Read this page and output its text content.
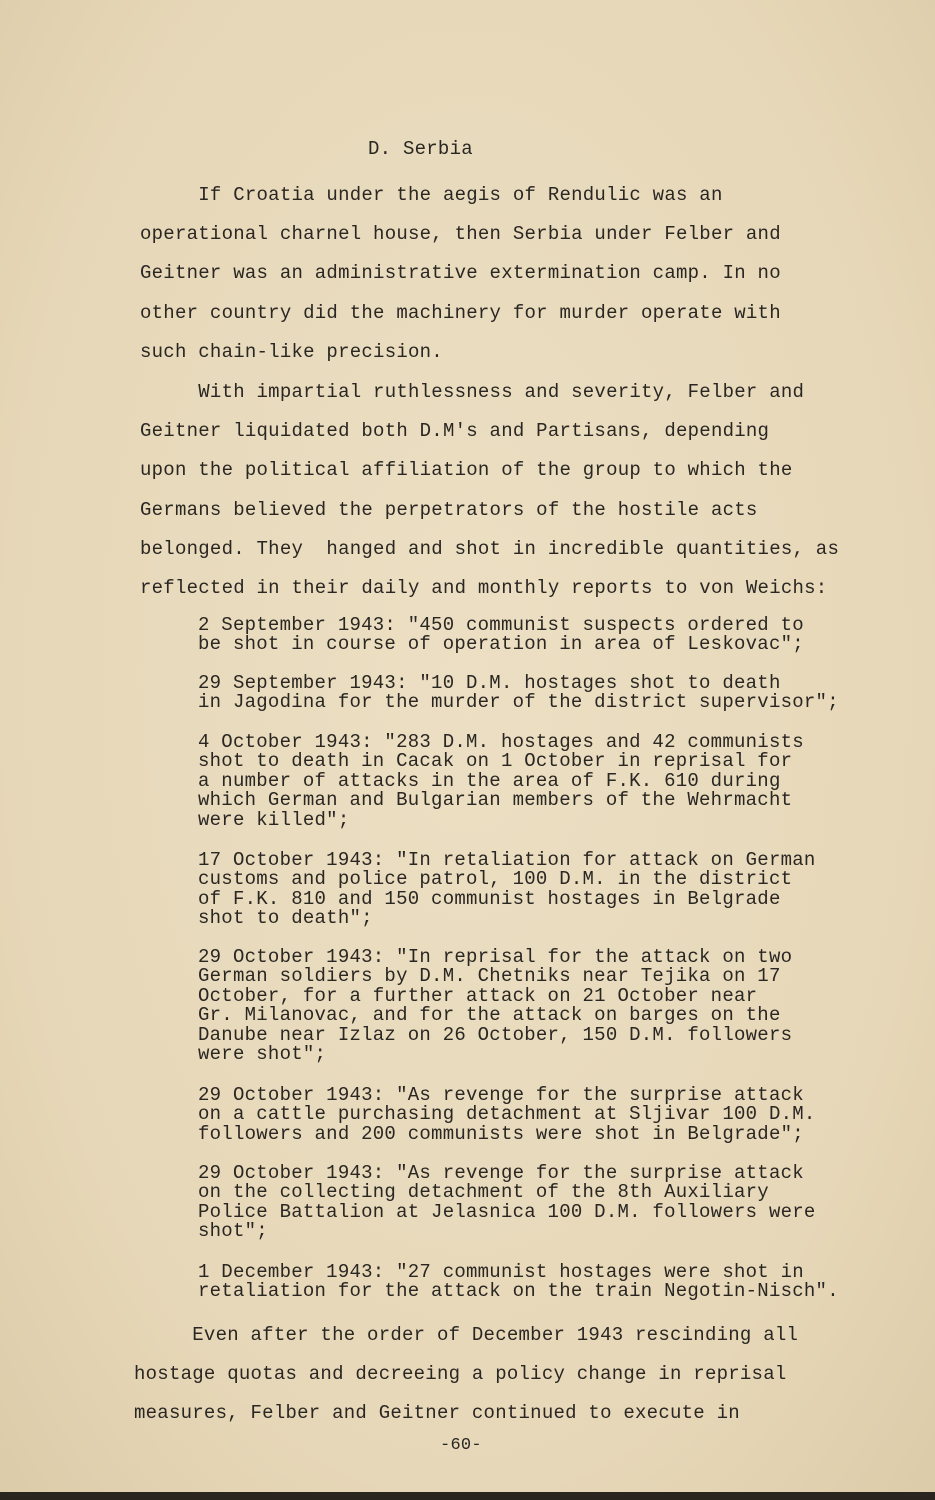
D. Serbia
If Croatia under the aegis of Rendulic was an
operational charnel house, then Serbia under Felber and
Geitner was an administrative extermination camp. In no
other country did the machinery for murder operate with
such chain-like precision.
With impartial ruthlessness and severity, Felber and
Geitner liquidated both D.M's and Partisans, depending
upon the political affiliation of the group to which the
Germans believed the perpetrators of the hostile acts
belonged. They  hanged and shot in incredible quantities, as
reflected in their daily and monthly reports to von Weichs:
2 September 1943: "450 communist suspects ordered to
be shot in course of operation in area of Leskovac";
29 September 1943: "10 D.M. hostages shot to death
in Jagodina for the murder of the district supervisor";
4 October 1943: "283 D.M. hostages and 42 communists
shot to death in Cacak on 1 October in reprisal for
a number of attacks in the area of F.K. 610 during
which German and Bulgarian members of the Wehrmacht
were killed";
17 October 1943: "In retaliation for attack on German
customs and police patrol, 100 D.M. in the district
of F.K. 810 and 150 communist hostages in Belgrade
shot to death";
29 October 1943: "In reprisal for the attack on two
German soldiers by D.M. Chetniks near Tejika on 17
October, for a further attack on 21 October near
Gr. Milanovac, and for the attack on barges on the
Danube near Izlaz on 26 October, 150 D.M. followers
were shot";
29 October 1943: "As revenge for the surprise attack
on a cattle purchasing detachment at Sljivar 100 D.M.
followers and 200 communists were shot in Belgrade";
29 October 1943: "As revenge for the surprise attack
on the collecting detachment of the 8th Auxiliary
Police Battalion at Jelasnica 100 D.M. followers were
shot";
1 December 1943: "27 communist hostages were shot in
retaliation for the attack on the train Negotin-Nisch".
Even after the order of December 1943 rescinding all
hostage quotas and decreeing a policy change in reprisal
measures, Felber and Geitner continued to execute in
-60-
